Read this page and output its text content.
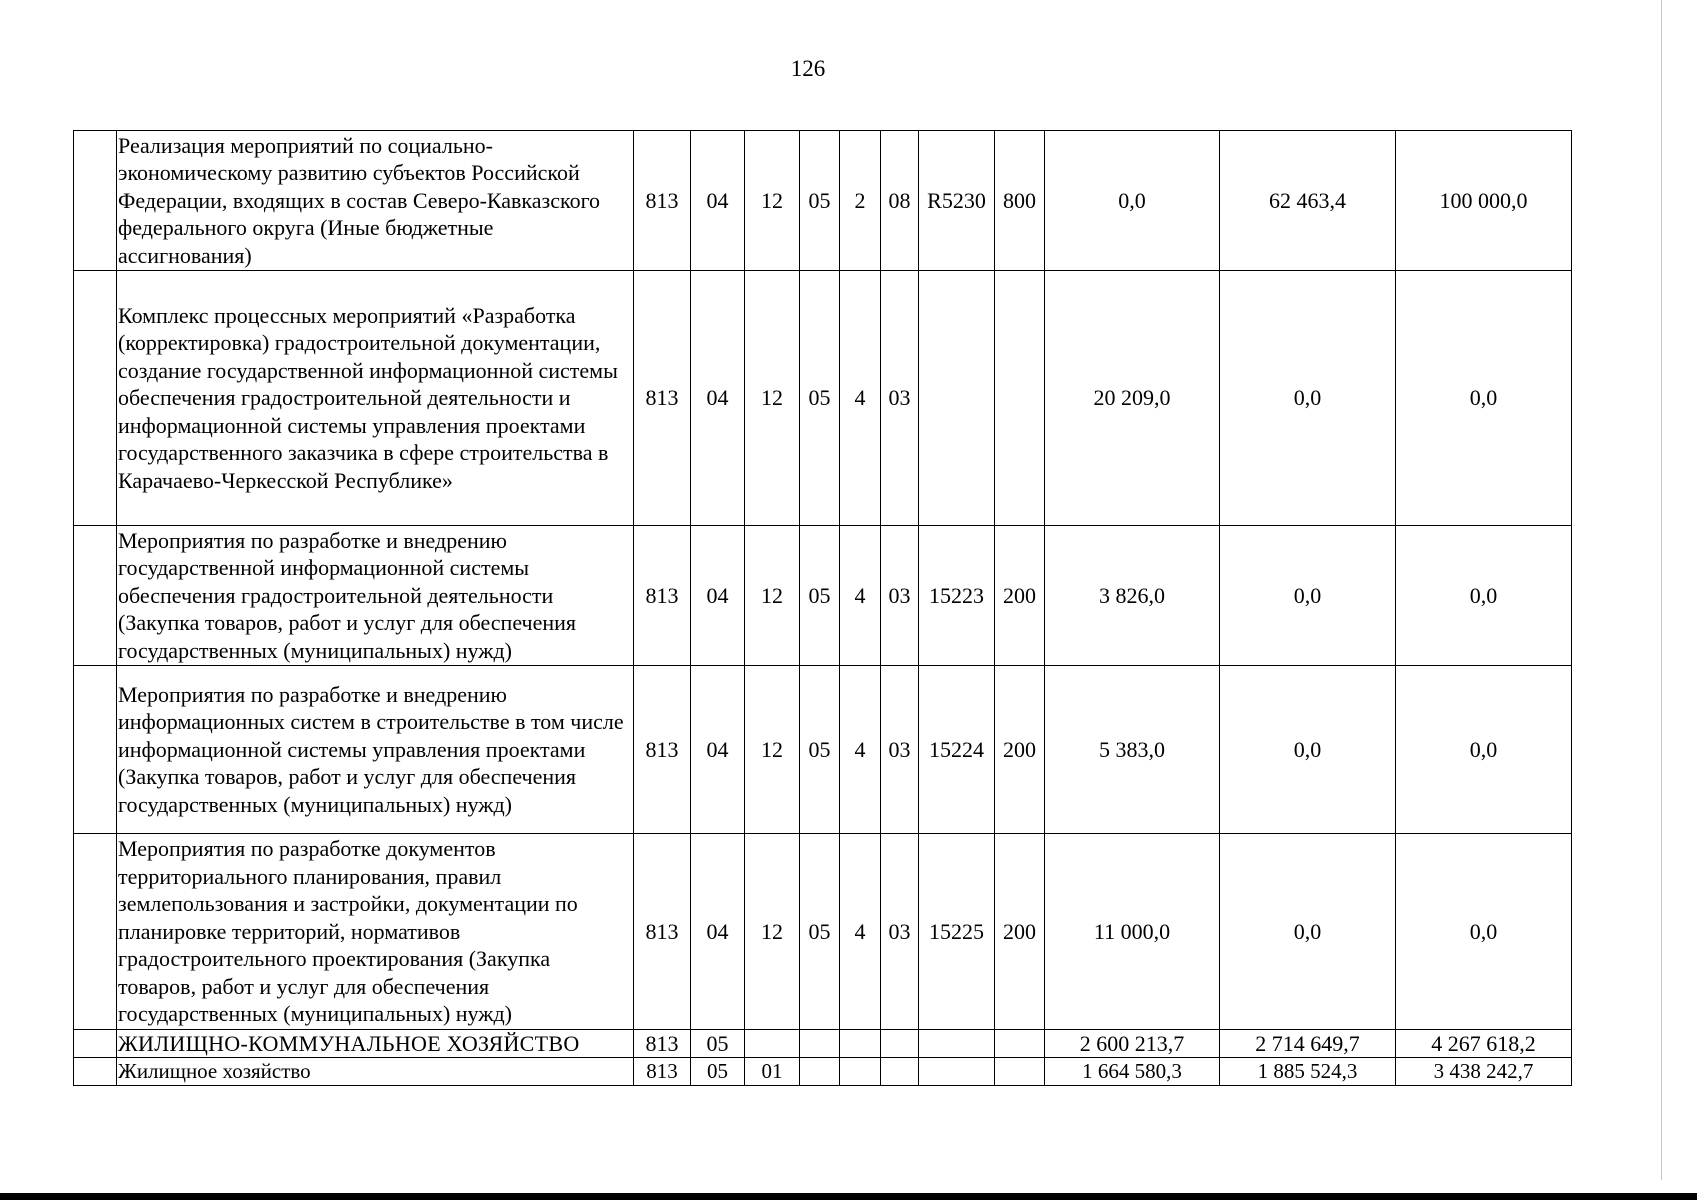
126
	Реализация мероприятий по социально-экономическому развитию субъектов Российской Федерации, входящих в состав Северо-Кавказского федерального округа (Иные бюджетные ассигнования)	813	04	12	05	2	08	R5230	800	0,0	62 463,4	100 000,0
	Комплекс процессных мероприятий «Разработка (корректировка) градостроительной документации, создание государственной информационной системы обеспечения градостроительной деятельности и информационной системы управления проектами государственного заказчика в сфере строительства в Карачаево-Черкесской Республике»	813	04	12	05	4	03			20 209,0	0,0	0,0
	Мероприятия по разработке и внедрению государственной информационной системы обеспечения градостроительной деятельности (Закупка товаров, работ и услуг для обеспечения государственных (муниципальных) нужд)	813	04	12	05	4	03	15223	200	3 826,0	0,0	0,0
	Мероприятия по разработке и внедрению информационных систем в строительстве в том числе информационной системы управления проектами (Закупка товаров, работ и услуг для обеспечения государственных (муниципальных) нужд)	813	04	12	05	4	03	15224	200	5 383,0	0,0	0,0
	Мероприятия по разработке документов территориального планирования, правил землепользования и застройки, документации по планировке территорий, нормативов градостроительного проектирования (Закупка товаров, работ и услуг для обеспечения государственных (муниципальных) нужд)	813	04	12	05	4	03	15225	200	11 000,0	0,0	0,0
	ЖИЛИЩНО-КОММУНАЛЬНОЕ ХОЗЯЙСТВО	813	05							2 600 213,7	2 714 649,7	4 267 618,2
	Жилищное хозяйство	813	05	01						1 664 580,3	1 885 524,3	3 438 242,7
